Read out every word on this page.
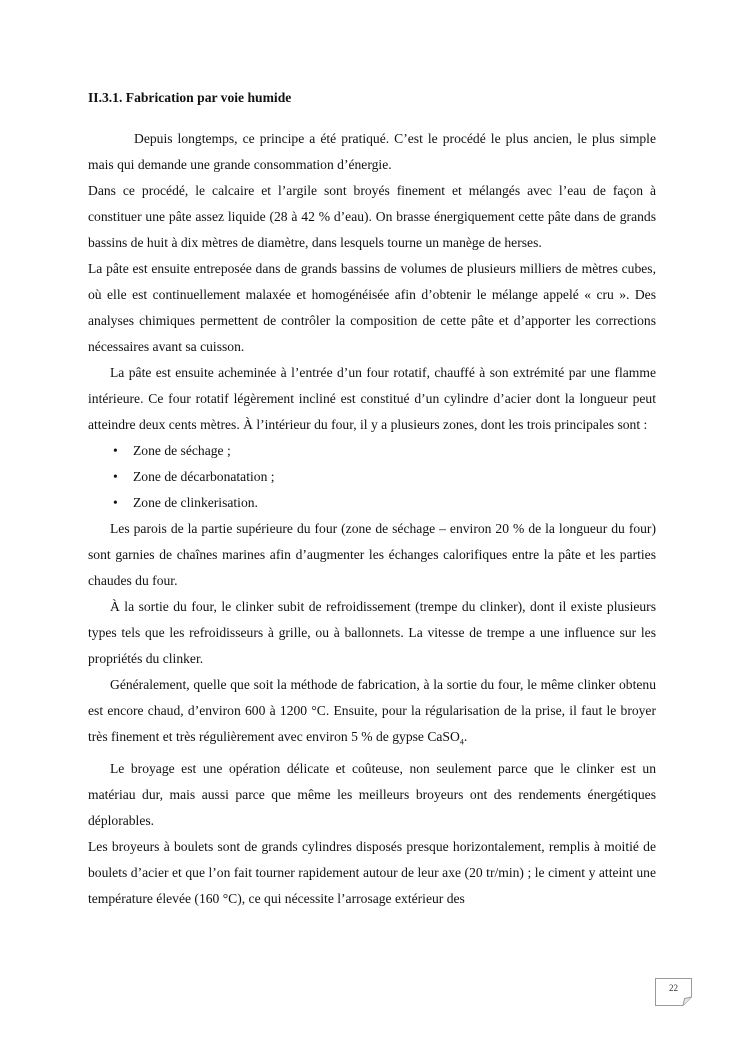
II.3.1. Fabrication par voie humide

Depuis longtemps, ce principe a été pratiqué. C’est le procédé le plus ancien, le plus simple mais qui demande une grande consommation d’énergie.

Dans ce procédé, le calcaire et l’argile sont broyés finement et mélangés avec l’eau de façon à constituer une pâte assez liquide (28 à 42 % d’eau). On brasse énergiquement cette pâte dans de grands bassins de huit à dix mètres de diamètre, dans lesquels tourne un manège de herses.

La pâte est ensuite entreposée dans de grands bassins de volumes de plusieurs milliers de mètres cubes, où elle est continuellement malaxée et homogénéisée afin d’obtenir le mélange appelé « cru ». Des analyses chimiques permettent de contrôler la composition de cette pâte et d’apporter les corrections nécessaires avant sa cuisson.

La pâte est ensuite acheminée à l’entrée d’un four rotatif, chauffé à son extrémité par une flamme intérieure. Ce four rotatif légèrement incliné est constitué d’un cylindre d’acier dont la longueur peut atteindre deux cents mètres. À l’intérieur du four, il y a plusieurs zones, dont les trois principales sont :

• Zone de séchage ;
• Zone de décarbonatation ;
• Zone de clinkerisation.

Les parois de la partie supérieure du four (zone de séchage – environ 20 % de la longueur du four) sont garnies de chaînes marines afin d’augmenter les échanges calorifiques entre la pâte et les parties chaudes du four.

À la sortie du four, le clinker subit de refroidissement (trempe du clinker), dont il existe plusieurs types tels que les refroidisseurs à grille, ou à ballonnets. La vitesse de trempe a une influence sur les propriétés du clinker.

Généralement, quelle que soit la méthode de fabrication, à la sortie du four, le même clinker obtenu est encore chaud, d’environ 600 à 1200 °C. Ensuite, pour la régularisation de la prise, il faut le broyer très finement et très régulièrement avec environ 5 % de gypse CaSO$_4$.

Le broyage est une opération délicate et coûteuse, non seulement parce que le clinker est un matériau dur, mais aussi parce que même les meilleurs broyeurs ont des rendements énergétiques déplorables.

Les broyeurs à boulets sont de grands cylindres disposés presque horizontalement, remplis à moitié de boulets d’acier et que l’on fait tourner rapidement autour de leur axe (20 tr/min) ; le ciment y atteint une température élevée (160 °C), ce qui nécessite l’arrosage extérieur des

22
